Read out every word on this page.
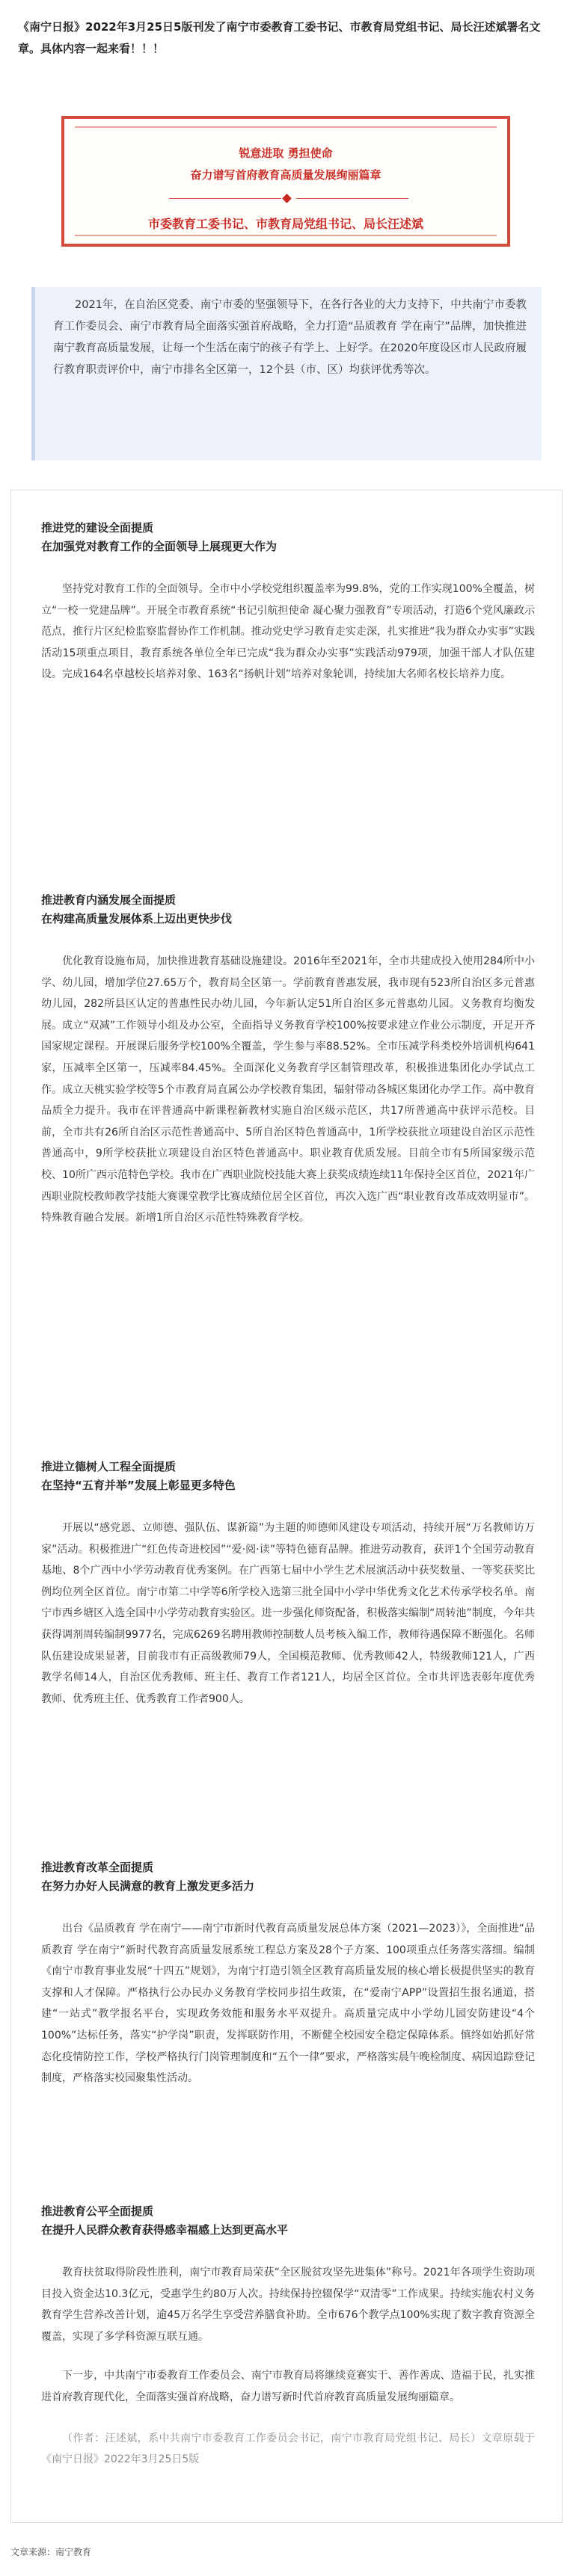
《南宁日报》2022年3月25日5版刊发了南宁市委教育工委书记、市教育局党组书记、局长汪述斌署名文章。具体内容一起来看！！！
锐意进取 勇担使命
奋力谱写首府教育高质量发展绚丽篇章
市委教育工委书记、市教育局党组书记、局长汪述斌
2021年，在自治区党委、南宁市委的坚强领导下，在各行各业的大力支持下，中共南宁市委教育工作委员会、南宁市教育局全面落实强首府战略，全力打造“品质教育 学在南宁”品牌，加快推进南宁教育高质量发展，让每一个生活在南宁的孩子有学上、上好学。在2020年度设区市人民政府履行教育职责评价中，南宁市排名全区第一，12个县（市、区）均获评优秀等次。
推进党的建设全面提质
在加强党对教育工作的全面领导上展现更大作为
坚持党对教育工作的全面领导。全市中小学校党组织覆盖率为99.8%，党的工作实现100%全覆盖，树立“一校一党建品牌”。开展全市教育系统“书记引航担使命 凝心聚力强教育”专项活动，打造6个党风廉政示范点，推行片区纪检监察监督协作工作机制。推动党史学习教育走实走深，扎实推进“我为群众办实事”实践活动15项重点项目，教育系统各单位全年已完成“我为群众办实事”实践活动979项，加强干部人才队伍建设。完成164名卓越校长培养对象、163名“扬帆计划”培养对象轮训，持续加大名师名校长培养力度。
推进教育内涵发展全面提质
在构建高质量发展体系上迈出更快步伐
优化教育设施布局，加快推进教育基础设施建设。2016年至2021年，全市共建成投入使用284所中小学、幼儿园，增加学位27.65万个，教育局全区第一。学前教育普惠发展，我市现有523所自治区多元普惠幼儿园，282所县区认定的普惠性民办幼儿园，今年新认定51所自治区多元普惠幼儿园。义务教育均衡发展。成立“双减”工作领导小组及办公室，全面指导义务教育学校100%按要求建立作业公示制度，开足开齐国家规定课程。开展课后服务学校100%全覆盖，学生参与率88.52%。全市压减学科类校外培训机构641家，压减率全区第一，压减率84.45%。全面深化义务教育学区制管理改革，积极推进集团化办学试点工作。成立天桃实验学校等5个市教育局直属公办学校教育集团，辐射带动各城区集团化办学工作。高中教育品质全力提升。我市在评普通高中新课程新教材实施自治区级示范区，共17所普通高中获评示范校。目前，全市共有26所自治区示范性普通高中、5所自治区特色普通高中，1所学校获批立项建设自治区示范性普通高中，9所学校获批立项建设自治区特色普通高中。职业教育优质发展。目前全市有5所国家级示范校、10所广西示范特色学校。我市在广西职业院校技能大赛上获奖成绩连续11年保持全区首位，2021年广西职业院校教师教学技能大赛课堂教学比赛成绩位居全区首位，再次入选广西“职业教育改革成效明显市”。特殊教育融合发展。新增1所自治区示范性特殊教育学校。
推进立德树人工程全面提质
在坚持“五育并举”发展上彰显更多特色
开展以“感党恩、立师德、强队伍、谋新篇”为主题的师德师风建设专项活动，持续开展“万名教师访万家”活动。积极推进广“红色传奇进校园”“爱·阅·读”等特色德育品牌。推进劳动教育，获评1个全国劳动教育基地、8个广西中小学劳动教育优秀案例。在广西第七届中小学生艺术展演活动中获奖数量、一等奖获奖比例均位列全区首位。南宁市第二中学等6所学校入选第三批全国中小学中华优秀文化艺术传承学校名单。南宁市西乡塘区入选全国中小学劳动教育实验区。进一步强化师资配备，积极落实编制“周转池”制度，今年共获得调剂周转编制9977名，完成6269名聘用教师控制数人员考核入编工作，教师待遇保障不断强化。名师队伍建设成果显著，目前我市有正高级教师79人，全国模范教师、优秀教师42人，特级教师121人，广西教学名师14人，自治区优秀教师、班主任、教育工作者121人，均居全区首位。全市共评选表彰年度优秀教师、优秀班主任、优秀教育工作者900人。
推进教育改革全面提质
在努力办好人民满意的教育上激发更多活力
出台《品质教育 学在南宁——南宁市新时代教育高质量发展总体方案（2021—2023）》，全面推进“品质教育 学在南宁”新时代教育高质量发展系统工程总方案及28个子方案、100项重点任务落实落细。编制《南宁市教育事业发展“十四五”规划》，为南宁打造引领全区教育高质量发展的核心增长极提供坚实的教育支撑和人才保障。严格执行公办民办义务教育学校同步招生政策，在“爱南宁APP”设置招生报名通道，搭建“一站式”教学报名平台，实现政务效能和服务水平双提升。高质量完成中小学幼儿园安防建设“4个100%”达标任务，落实“护学岗”职责，发挥联防作用，不断健全校园安全稳定保障体系。慎终如始抓好常态化疫情防控工作，学校严格执行门岗管理制度和“五个一律”要求，严格落实晨午晚检制度、病因追踪登记制度，严格落实校园聚集性活动。
推进教育公平全面提质
在提升人民群众教育获得感幸福感上达到更高水平
教育扶贫取得阶段性胜利，南宁市教育局荣获“全区脱贫攻坚先进集体”称号。2021年各项学生资助项目投入资金达10.3亿元，受惠学生约80万人次。持续保持控辍保学“双清零”工作成果。持续实施农村义务教育学生营养改善计划，逾45万名学生享受营养膳食补助。全市676个教学点100%实现了数字教育资源全覆盖，实现了多学科资源互联互通。
下一步，中共南宁市委教育工作委员会、南宁市教育局将继续竞赛实干、善作善成、造福于民，扎实推进首府教育现代化，全面落实强首府战略，奋力谱写新时代首府教育高质量发展绚丽篇章。
（作者：汪述斌，系中共南宁市委教育工作委员会书记，南宁市教育局党组书记、局长）文章原载于《南宁日报》2022年3月25日5版
文章来源：南宁教育
